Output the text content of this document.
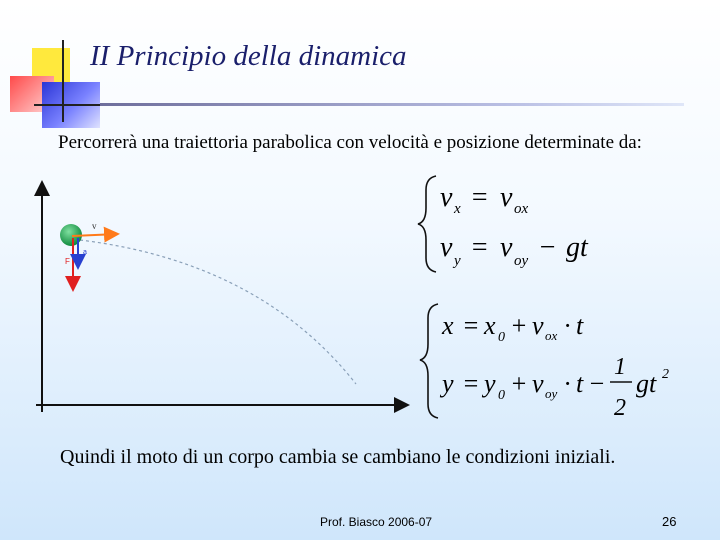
II Principio della dinamica
Percorrerà una traiettoria parabolica con velocità e posizione determinate da:
v
F
a
v x = v ox
v y = v oy − gt
x = x 0 + v ox · t
y = y 0 + v oy · t −
1
2
gt 2
Quindi il moto di un corpo cambia se cambiano le condizioni iniziali.
Prof. Biasco 2006-07	26
